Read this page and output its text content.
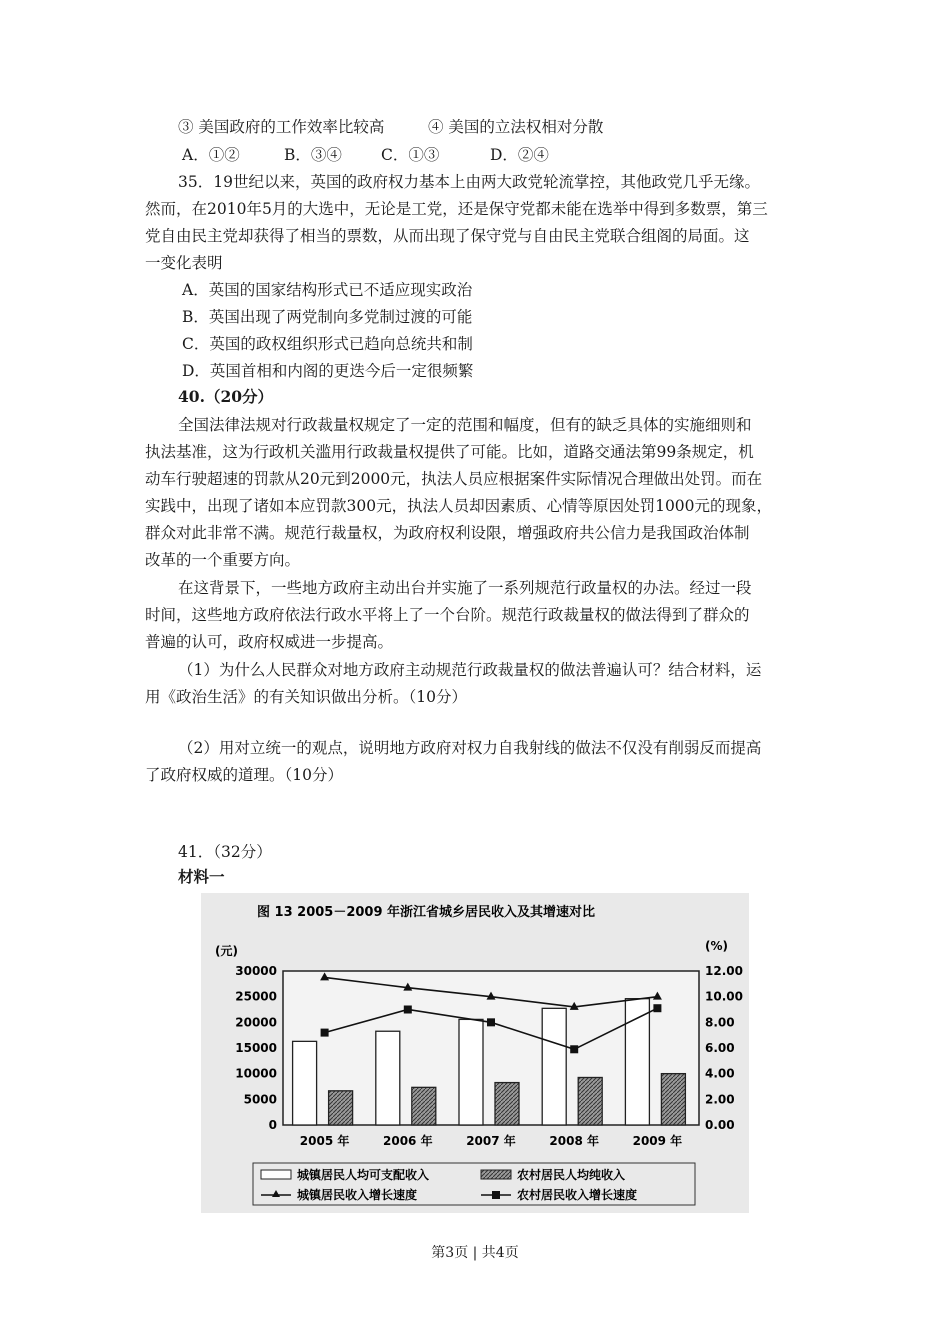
③ 美国政府的工作效率比较高	④ 美国的立法权相对分散
A．①②	B．③④	C．①③	D．②④
35．19世纪以来，英国的政府权力基本上由两大政党轮流掌控，其他政党几乎无缘。
然而，在2010年5月的大选中，无论是工党，还是保守党都未能在选举中得到多数票，第三
党自由民主党却获得了相当的票数，从而出现了保守党与自由民主党联合组阁的局面。这
一变化表明
A．英国的国家结构形式已不适应现实政治
B．英国出现了两党制向多党制过渡的可能
C．英国的政权组织形式已趋向总统共和制
D．英国首相和内阁的更迭今后一定很频繁
40.（20分）
全国法律法规对行政裁量权规定了一定的范围和幅度，但有的缺乏具体的实施细则和
执法基准，这为行政机关滥用行政裁量权提供了可能。比如，道路交通法第99条规定，机
动车行驶超速的罚款从20元到2000元，执法人员应根据案件实际情况合理做出处罚。而在
实践中，出现了诸如本应罚款300元，执法人员却因素质、心情等原因处罚1000元的现象，
群众对此非常不满。规范行裁量权，为政府权利设限，增强政府共公信力是我国政治体制
改革的一个重要方向。
在这背景下，一些地方政府主动出台并实施了一系列规范行政量权的办法。经过一段
时间，这些地方政府依法行政水平将上了一个台阶。规范行政裁量权的做法得到了群众的
普遍的认可，政府权威进一步提高。
（1）为什么人民群众对地方政府主动规范行政裁量权的做法普遍认可？结合材料，运
用《政治生活》的有关知识做出分析。（10分）
（2）用对立统一的观点，说明地方政府对权力自我射线的做法不仅没有削弱反而提高
了政府权威的道理。（10分）
41．（32分）
材料一
图 13 2005－2009 年浙江省城乡居民收入及其增速对比
(元)	(%)
30000
25000
20000
15000
10000
5000
0
12.00
10.00
8.00
6.00
4.00
2.00
0.00
2005 年	2006 年	2007 年	2008 年	2009 年
城镇居民人均可支配收入	农村居民人均纯收入
城镇居民收入增长速度	农村居民收入增长速度
第3页 | 共4页
